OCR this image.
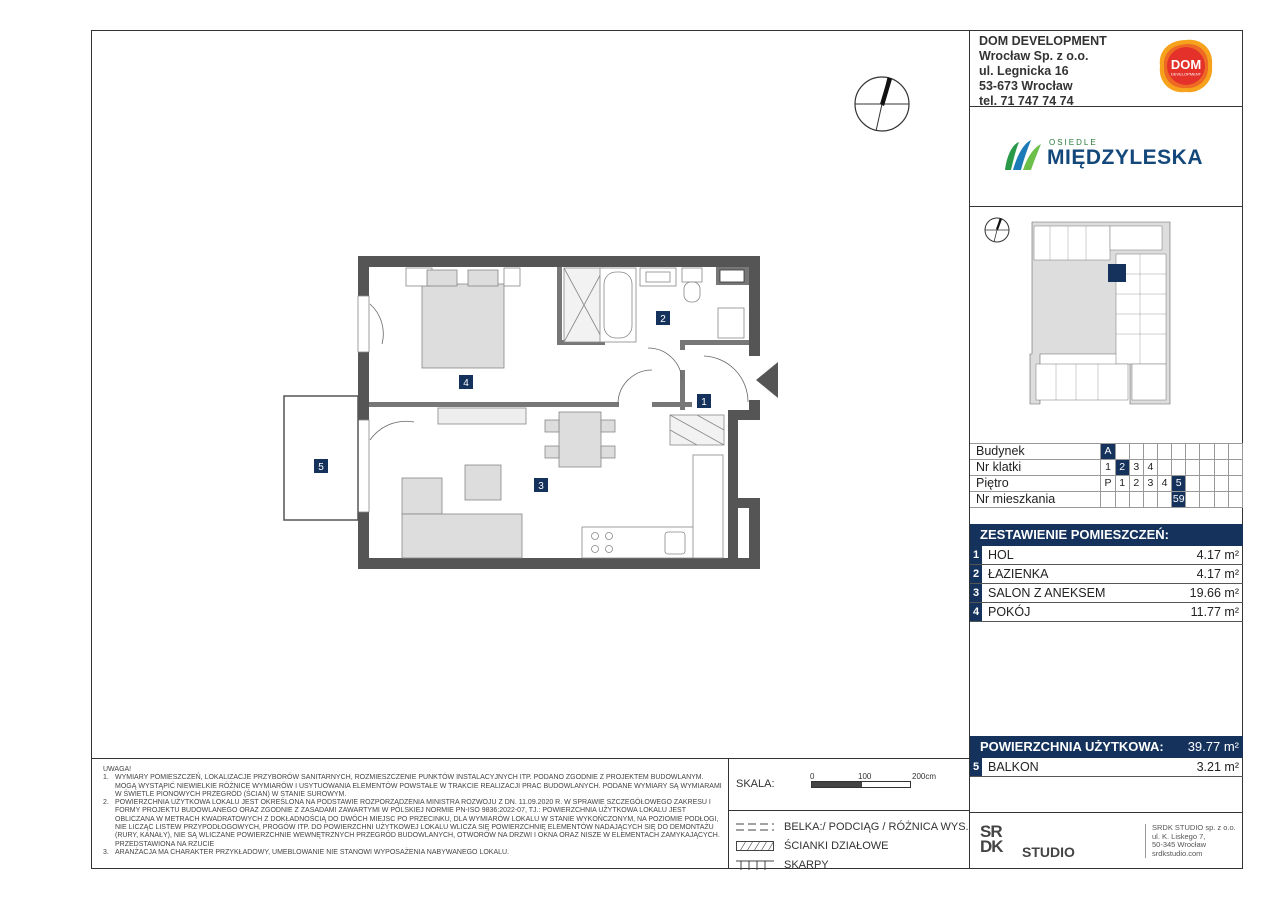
DOM DEVELOPMENT
Wrocław Sp. z o.o.
ul. Legnicka 16
53-673 Wrocław
tel. 71 747 74 74
DOM
DEVELOPMENT
OSIEDLE
MIĘDZYLESKA
Budynek	A									
Nr klatki	1	2	3	4						
Piętro	P	1	2	3	4	5				
Nr mieszkania						59				
ZESTAWIENIE POMIESZCZEŃ:
1 HOL	4.17 m²
2 ŁAZIENKA	4.17 m²
3 SALON Z ANEKSEM	19.66 m²
4 POKÓJ	11.77 m²
POWIERZCHNIA UŻYTKOWA:	39.77 m²
5 BALKON	3.21 m²
2
1
3
4
5
UWAGA!
1. WYMIARY POMIESZCZEŃ, LOKALIZACJE PRZYBORÓW SANITARNYCH, ROZMIESZCZENIE PUNKTÓW INSTALACYJNYCH ITP. PODANO ZGODNIE Z PROJEKTEM BUDOWLANYM. MOGĄ WYSTĄPIĆ NIEWIELKIE RÓŻNICE WYMIARÓW I USYTUOWANIA ELEMENTÓW POWSTAŁE W TRAKCIE REALIZACJI PRAC BUDOWLANYCH. PODANE WYMIARY SĄ WYMIARAMI W ŚWIETLE PIONOWYCH PRZEGRÓD (ŚCIAN) W STANIE SUROWYM.
2. POWIERZCHNIA UŻYTKOWA LOKALU JEST OKREŚLONA NA PODSTAWIE ROZPORZĄDZENIA MINISTRA ROZWOJU Z DN. 11.09.2020 R. W SPRAWIE SZCZEGÓŁOWEGO ZAKRESU I FORMY PROJEKTU BUDOWLANEGO ORAZ ZGODNIE Z ZASADAMI ZAWARTYMI W POLSKIEJ NORMIE PN-ISO 9836:2022-07, TJ.: POWIERZCHNIA UŻYTKOWA LOKALU JEST OBLICZANA W METRACH KWADRATOWYCH Z DOKŁADNOŚCIĄ DO DWÓCH MIEJSC PO PRZECINKU, DLA WYMIARÓW LOKALU W STANIE WYKOŃCZONYM, NA POZIOMIE PODŁOGI, NIE LICZĄC LISTEW PRZYPODŁOGOWYCH, PROGÓW ITP. DO POWIERZCHNI UŻYTKOWEJ LOKALU WLICZA SIĘ POWIERZCHNIĘ ELEMENTÓW NADAJĄCYCH SIĘ DO DEMONTAŻU (RURY, KANAŁY), NIE SĄ WLICZANE POWIERZCHNIE WEWNĘTRZNYCH PRZEGRÓD BUDOWLANYCH, OTWORÓW NA DRZWI I OKNA ORAZ NISZE W ELEMENTACH ZAMYKAJĄCYCH. PRZEDSTAWIONA NA RZUCIE
3. ARANŻACJA MA CHARAKTER PRZYKŁADOWY, UMEBLOWANIE NIE STANOWI WYPOSAŻENIA NABYWANEGO LOKALU.
SKALA:
0	100	200cm
BELKA:/ PODCIĄG / RÓŻNICA WYS.
ŚCIANKI DZIAŁOWE
SKARPY
SR
DK STUDIO
SRDK STUDIO sp. z o.o.
ul. K. Liskego 7,
50-345 Wrocław
srdkstudio.com
